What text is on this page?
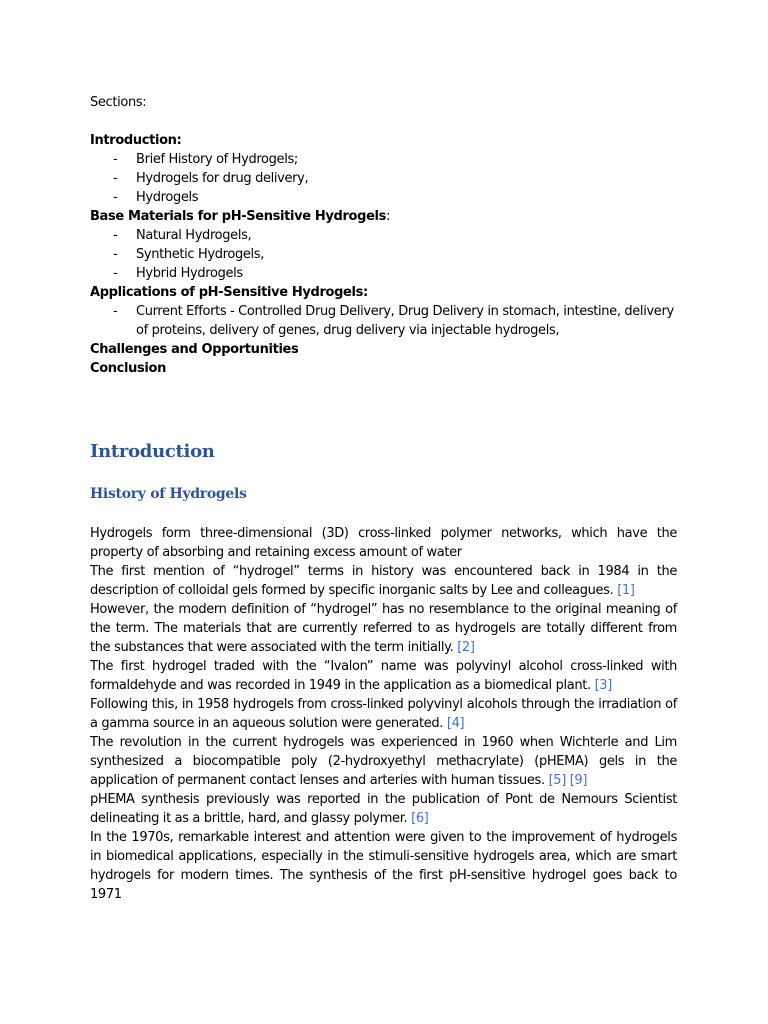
Sections:
Introduction:
- Brief History of Hydrogels;
- Hydrogels for drug delivery,
- Hydrogels
Base Materials for pH-Sensitive Hydrogels:
- Natural Hydrogels,
- Synthetic Hydrogels,
- Hybrid Hydrogels
Applications of pH-Sensitive Hydrogels:
- Current Efforts - Controlled Drug Delivery, Drug Delivery in stomach, intestine, delivery of proteins, delivery of genes, drug delivery via injectable hydrogels,
Challenges and Opportunities
Conclusion
Introduction
History of Hydrogels
Hydrogels form three-dimensional (3D) cross-linked polymer networks, which have the property of absorbing and retaining excess amount of water
The first mention of “hydrogel” terms in history was encountered back in 1984 in the description of colloidal gels formed by specific inorganic salts by Lee and colleagues. [1]
However, the modern definition of “hydrogel” has no resemblance to the original meaning of the term. The materials that are currently referred to as hydrogels are totally different from the substances that were associated with the term initially. [2]
The first hydrogel traded with the “Ivalon” name was polyvinyl alcohol cross-linked with formaldehyde and was recorded in 1949 in the application as a biomedical plant. [3]
Following this, in 1958 hydrogels from cross-linked polyvinyl alcohols through the irradiation of a gamma source in an aqueous solution were generated. [4]
The revolution in the current hydrogels was experienced in 1960 when Wichterle and Lim synthesized a biocompatible poly (2-hydroxyethyl methacrylate) (pHEMA) gels in the application of permanent contact lenses and arteries with human tissues. [5] [9]
pHEMA synthesis previously was reported in the publication of Pont de Nemours Scientist delineating it as a brittle, hard, and glassy polymer. [6]
In the 1970s, remarkable interest and attention were given to the improvement of hydrogels in biomedical applications, especially in the stimuli-sensitive hydrogels area, which are smart hydrogels for modern times. The synthesis of the first pH-sensitive hydrogel goes back to 1971
